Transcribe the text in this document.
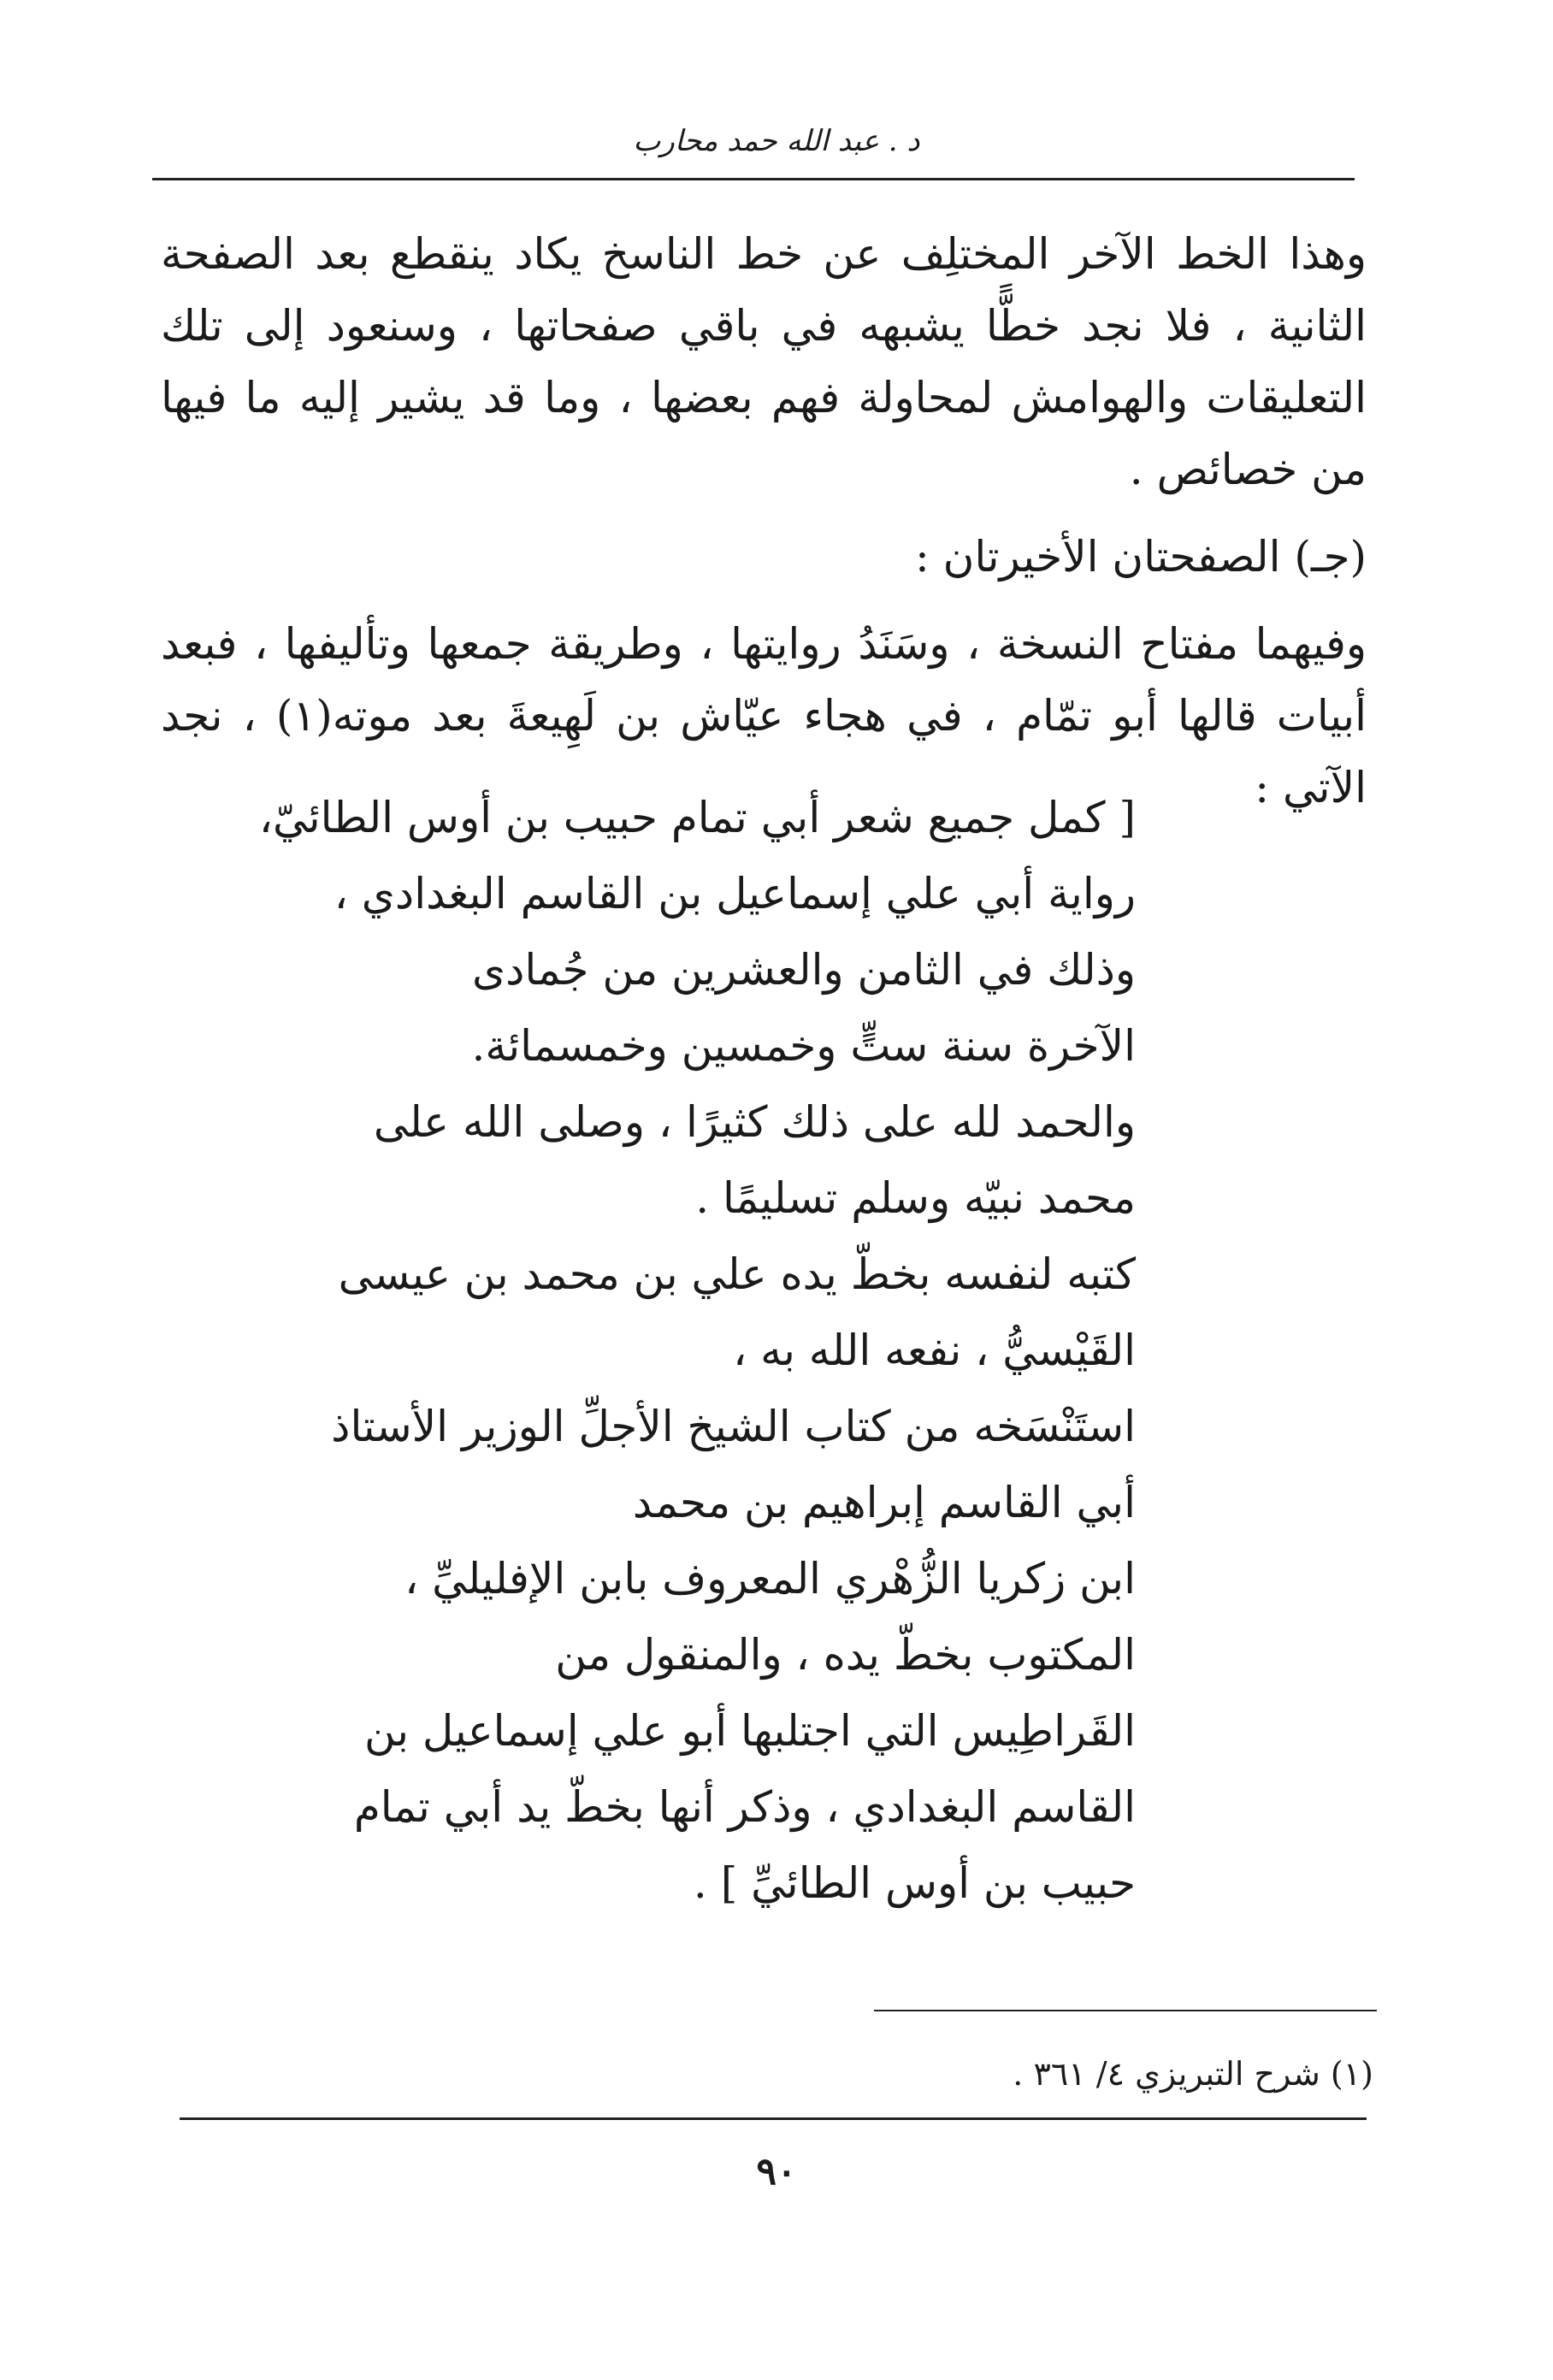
د . عبد الله حمد محارب

وهذا الخط الآخر المختلِف عن خط الناسخ يكاد ينقطع بعد الصفحة الثانية ، فلا نجد خطًّا يشبهه في باقي صفحاتها ، وسنعود إلى تلك التعليقات والهوامش لمحاولة فهم بعضها ، وما قد يشير إليه ما فيها من خصائص .

(جـ) الصفحتان الأخيرتان :

وفيهما مفتاح النسخة ، وسَنَدُ روايتها ، وطريقة جمعها وتأليفها ، فبعد أبيات قالها أبو تمّام ، في هجاء عيّاش بن لَهِيعةَ بعد موته(١) ، نجد الآتي :

[ كمل جميع شعر أبي تمام حبيب بن أوس الطائيّ،
رواية أبي علي إسماعيل بن القاسم البغدادي ،
وذلك في الثامن والعشرين من جُمادى
الآخرة سنة ستٍّ وخمسين وخمسمائة.
والحمد لله على ذلك كثيرًا ، وصلى الله على
محمد نبيّه وسلم تسليمًا .
كتبه لنفسه بخطّ يده علي بن محمد بن عيسى
القَيْسيُّ ، نفعه الله به ،
استَنْسَخه من كتاب الشيخ الأجلِّ الوزير الأستاذ
أبي القاسم إبراهيم بن محمد
ابن زكريا الزُّهْري المعروف بابن الإفليليِّ ،
المكتوب بخطّ يده ، والمنقول من
القَراطِيس التي اجتلبها أبو علي إسماعيل بن
القاسم البغدادي ، وذكر أنها بخطّ يد أبي تمام
حبيب بن أوس الطائيِّ ] .
(١) شرح التبريزي ٤/ ٣٦١ .
٩٠
